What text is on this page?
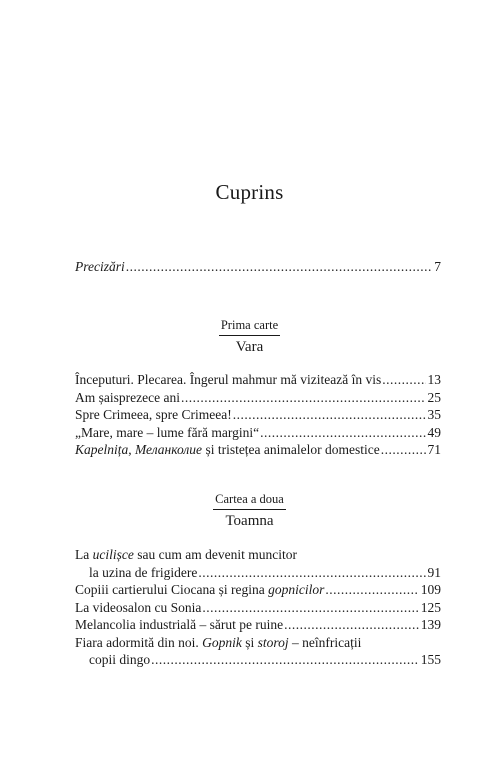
Cuprins
Precizări .....	7
Prima carte
Vara
Începuturi. Plecarea. Îngerul mahmur mă vizitează în vis .....	13
Am șaisprezece ani .....	25
Spre Crimeea, spre Crimeea! .....	35
„Mare, mare – lume fără margini“ .....	49
Kapelnița, Меланколие și tristețea animalelor domestice .....	71
Cartea a doua
Toamna
La ucilișce sau cum am devenit muncitor
la uzina de frigidere .....	91
Copiii cartierului Ciocana și regina gopnicilor .....	109
La videosalon cu Sonia .....	125
Melancolia industrială – sărut pe ruine .....	139
Fiara adormită din noi. Gopnik și storoj – neînfricații
copii dingo .....	155
